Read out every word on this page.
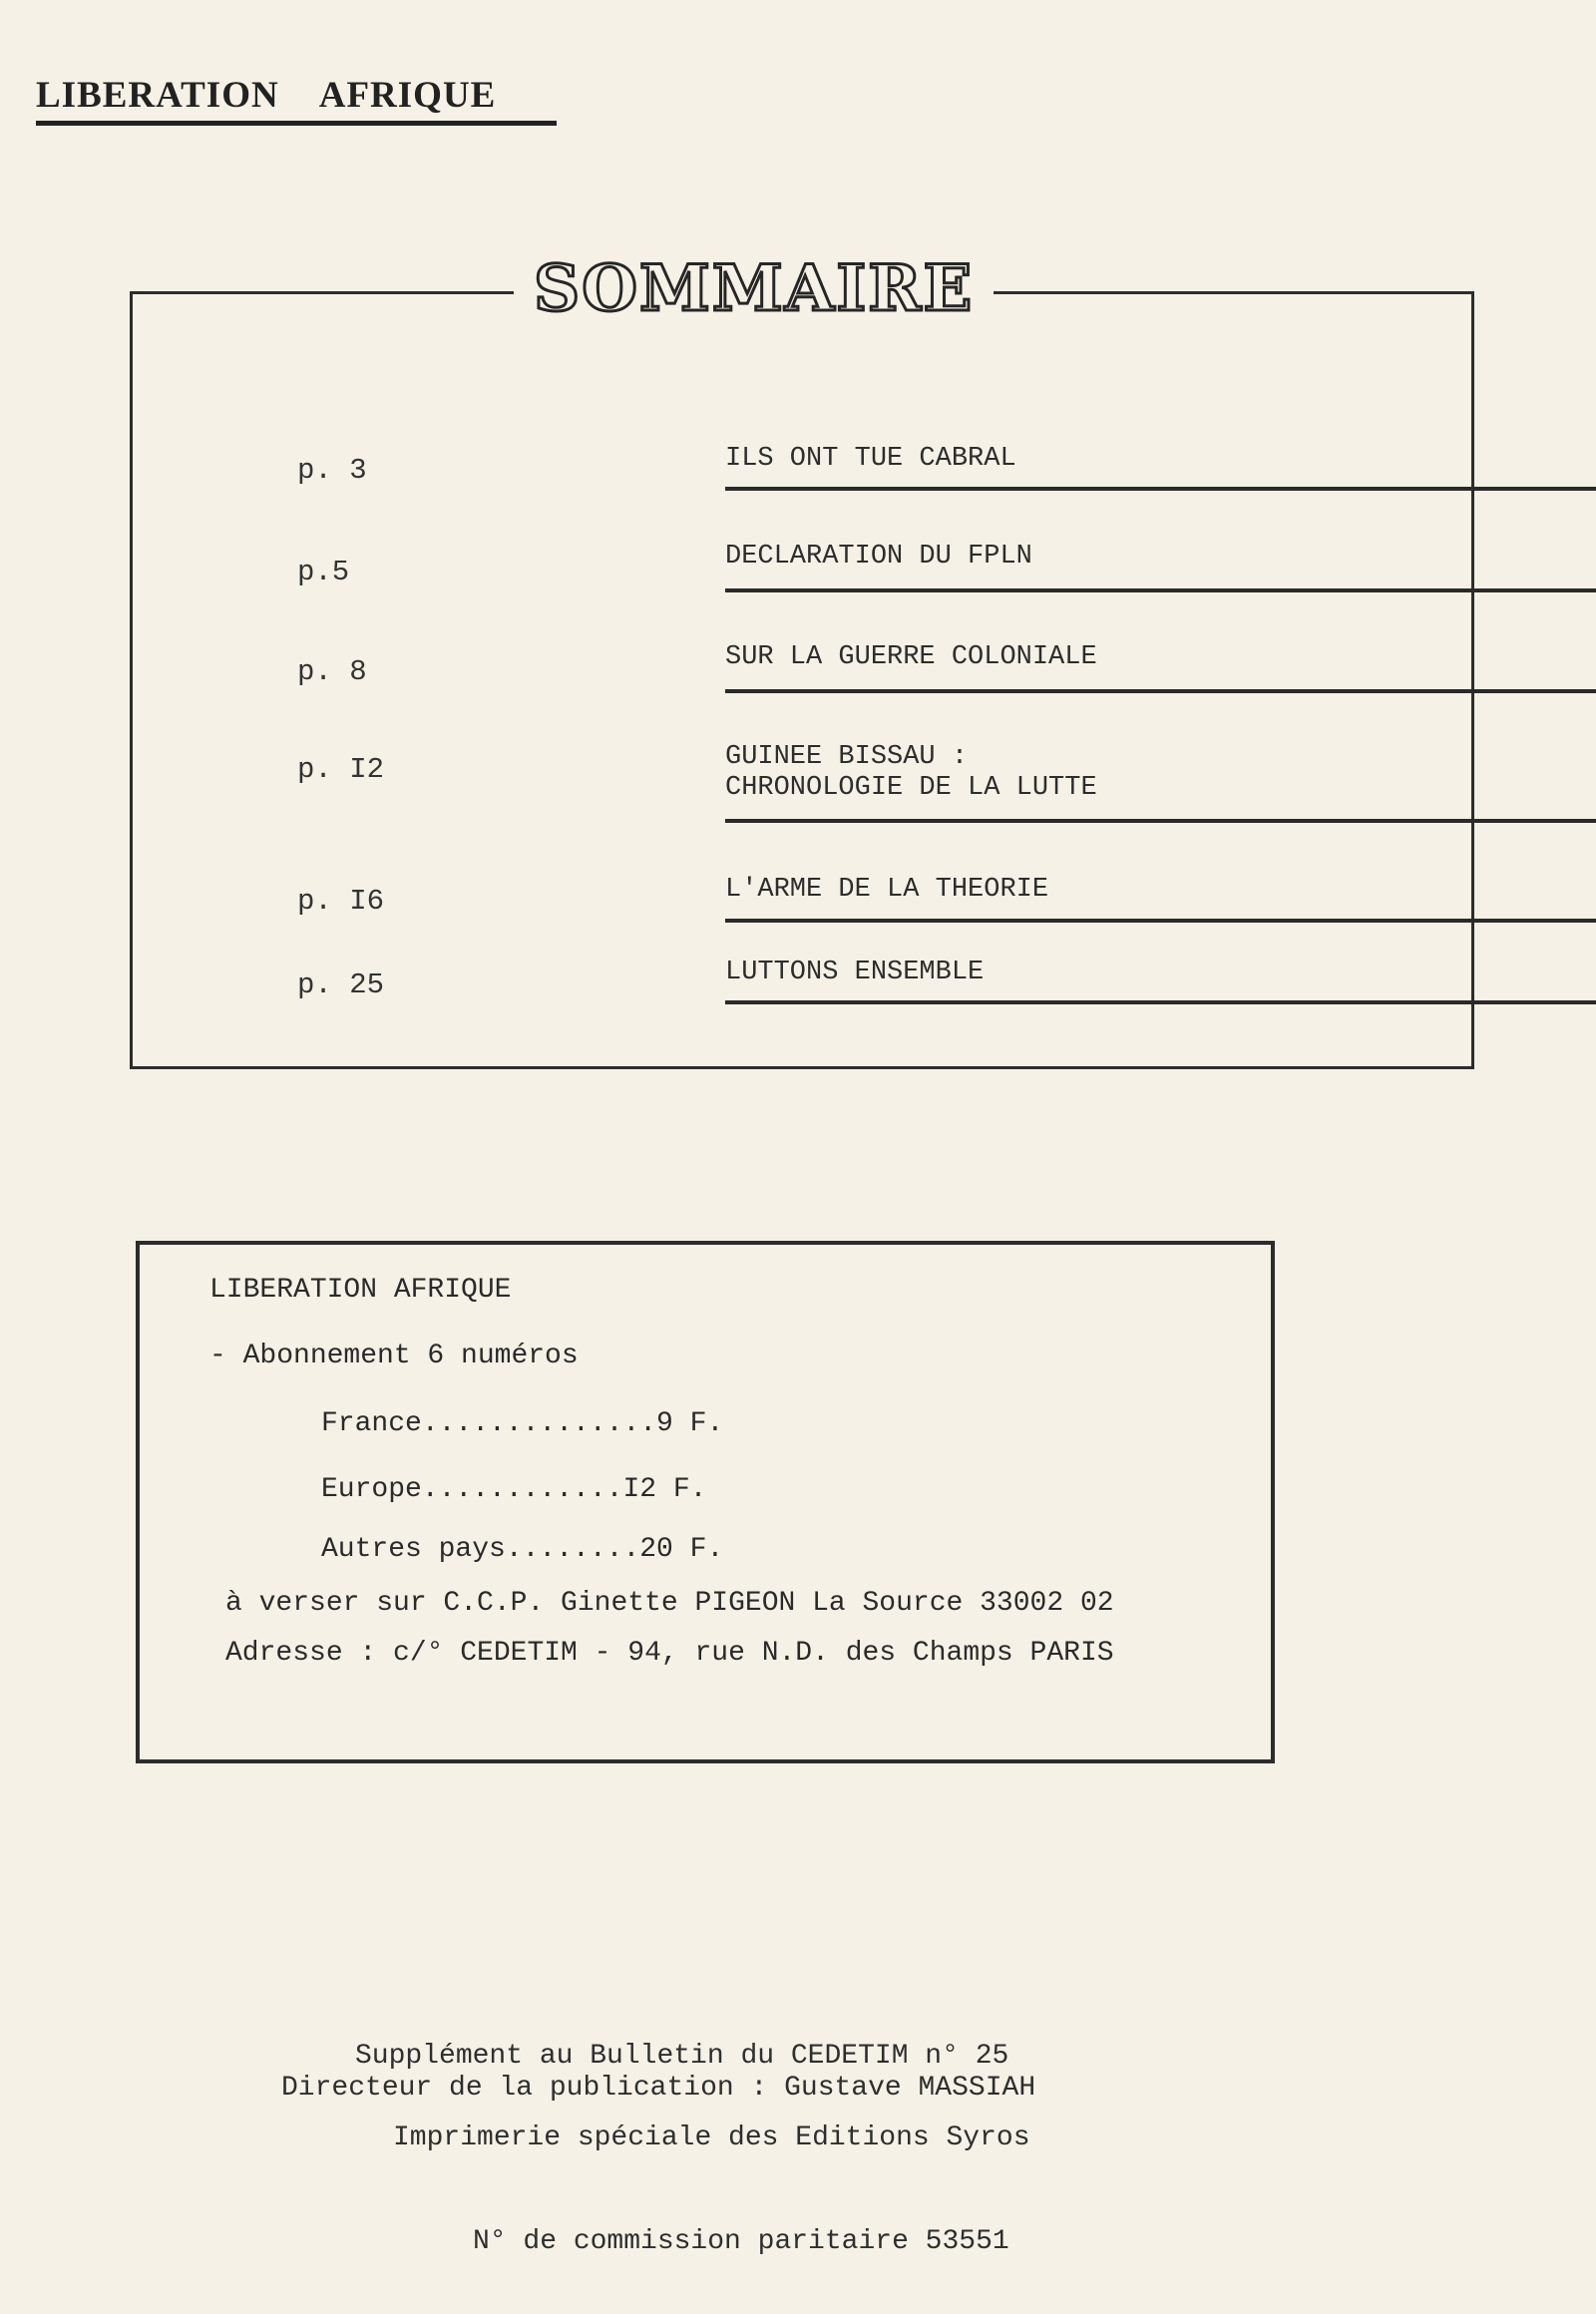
LIBERATION AFRIQUE
p. 3	ILS ONT TUE CABRAL
p.5	DECLARATION DU FPLN
p. 8	SUR LA GUERRE COLONIALE
p. I2	GUINEE BISSAU :
CHRONOLOGIE DE LA LUTTE
p. I6	L'ARME DE LA THEORIE
p. 25	LUTTONS ENSEMBLE
SOMMAIRE
LIBERATION AFRIQUE
- Abonnement 6 numéros
France..............9 F.
Europe............I2 F.
Autres pays........20 F.
à verser sur C.C.P. Ginette PIGEON La Source 33002 02
Adresse : c/° CEDETIM - 94, rue N.D. des Champs PARIS
Supplément au Bulletin du CEDETIM n° 25
Directeur de la publication : Gustave MASSIAH
Imprimerie spéciale des Editions Syros
N° de commission paritaire 53551
